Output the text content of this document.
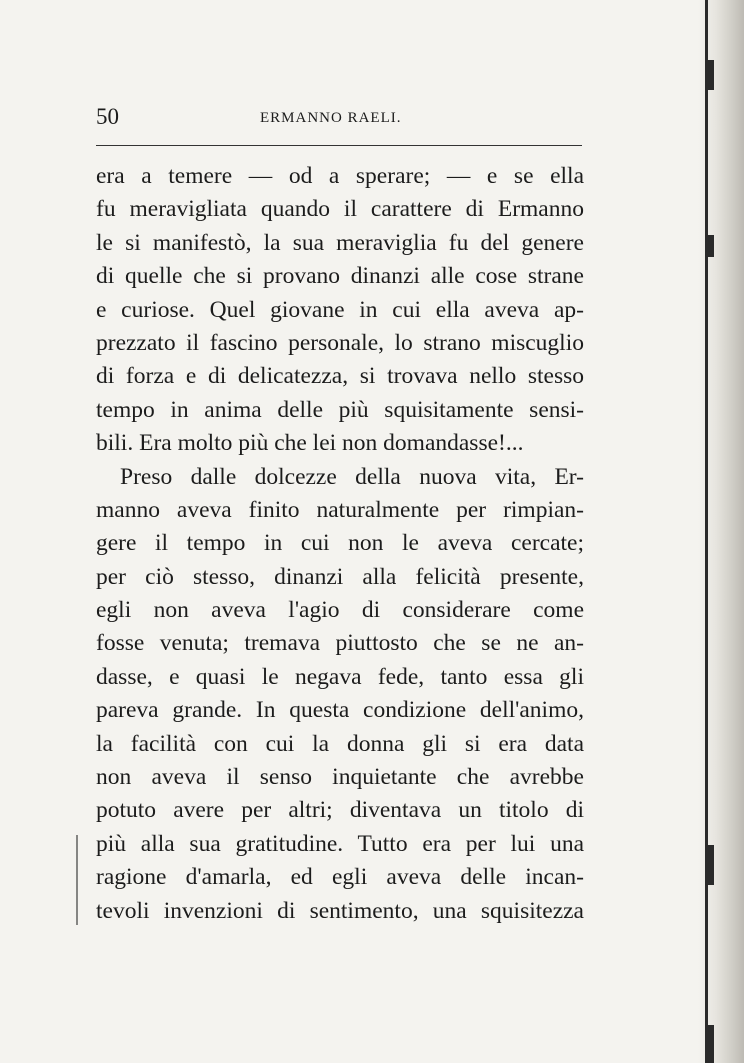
50	ERMANNO RAELI.
era a temere — od a sperare; — e se ella
fu meravigliata quando il carattere di Ermanno
le si manifestò, la sua meraviglia fu del genere
di quelle che si provano dinanzi alle cose strane
e curiose. Quel giovane in cui ella aveva ap-
prezzato il fascino personale, lo strano miscuglio
di forza e di delicatezza, si trovava nello stesso
tempo in anima delle più squisitamente sensi-
bili. Era molto più che lei non domandasse!...
Preso dalle dolcezze della nuova vita, Er-
manno aveva finito naturalmente per rimpian-
gere il tempo in cui non le aveva cercate;
per ciò stesso, dinanzi alla felicità presente,
egli non aveva l'agio di considerare come
fosse venuta; tremava piuttosto che se ne an-
dasse, e quasi le negava fede, tanto essa gli
pareva grande. In questa condizione dell'animo,
la facilità con cui la donna gli si era data
non aveva il senso inquietante che avrebbe
potuto avere per altri; diventava un titolo di
più alla sua gratitudine. Tutto era per lui una
ragione d'amarla, ed egli aveva delle incan-
tevoli invenzioni di sentimento, una squisitezza
